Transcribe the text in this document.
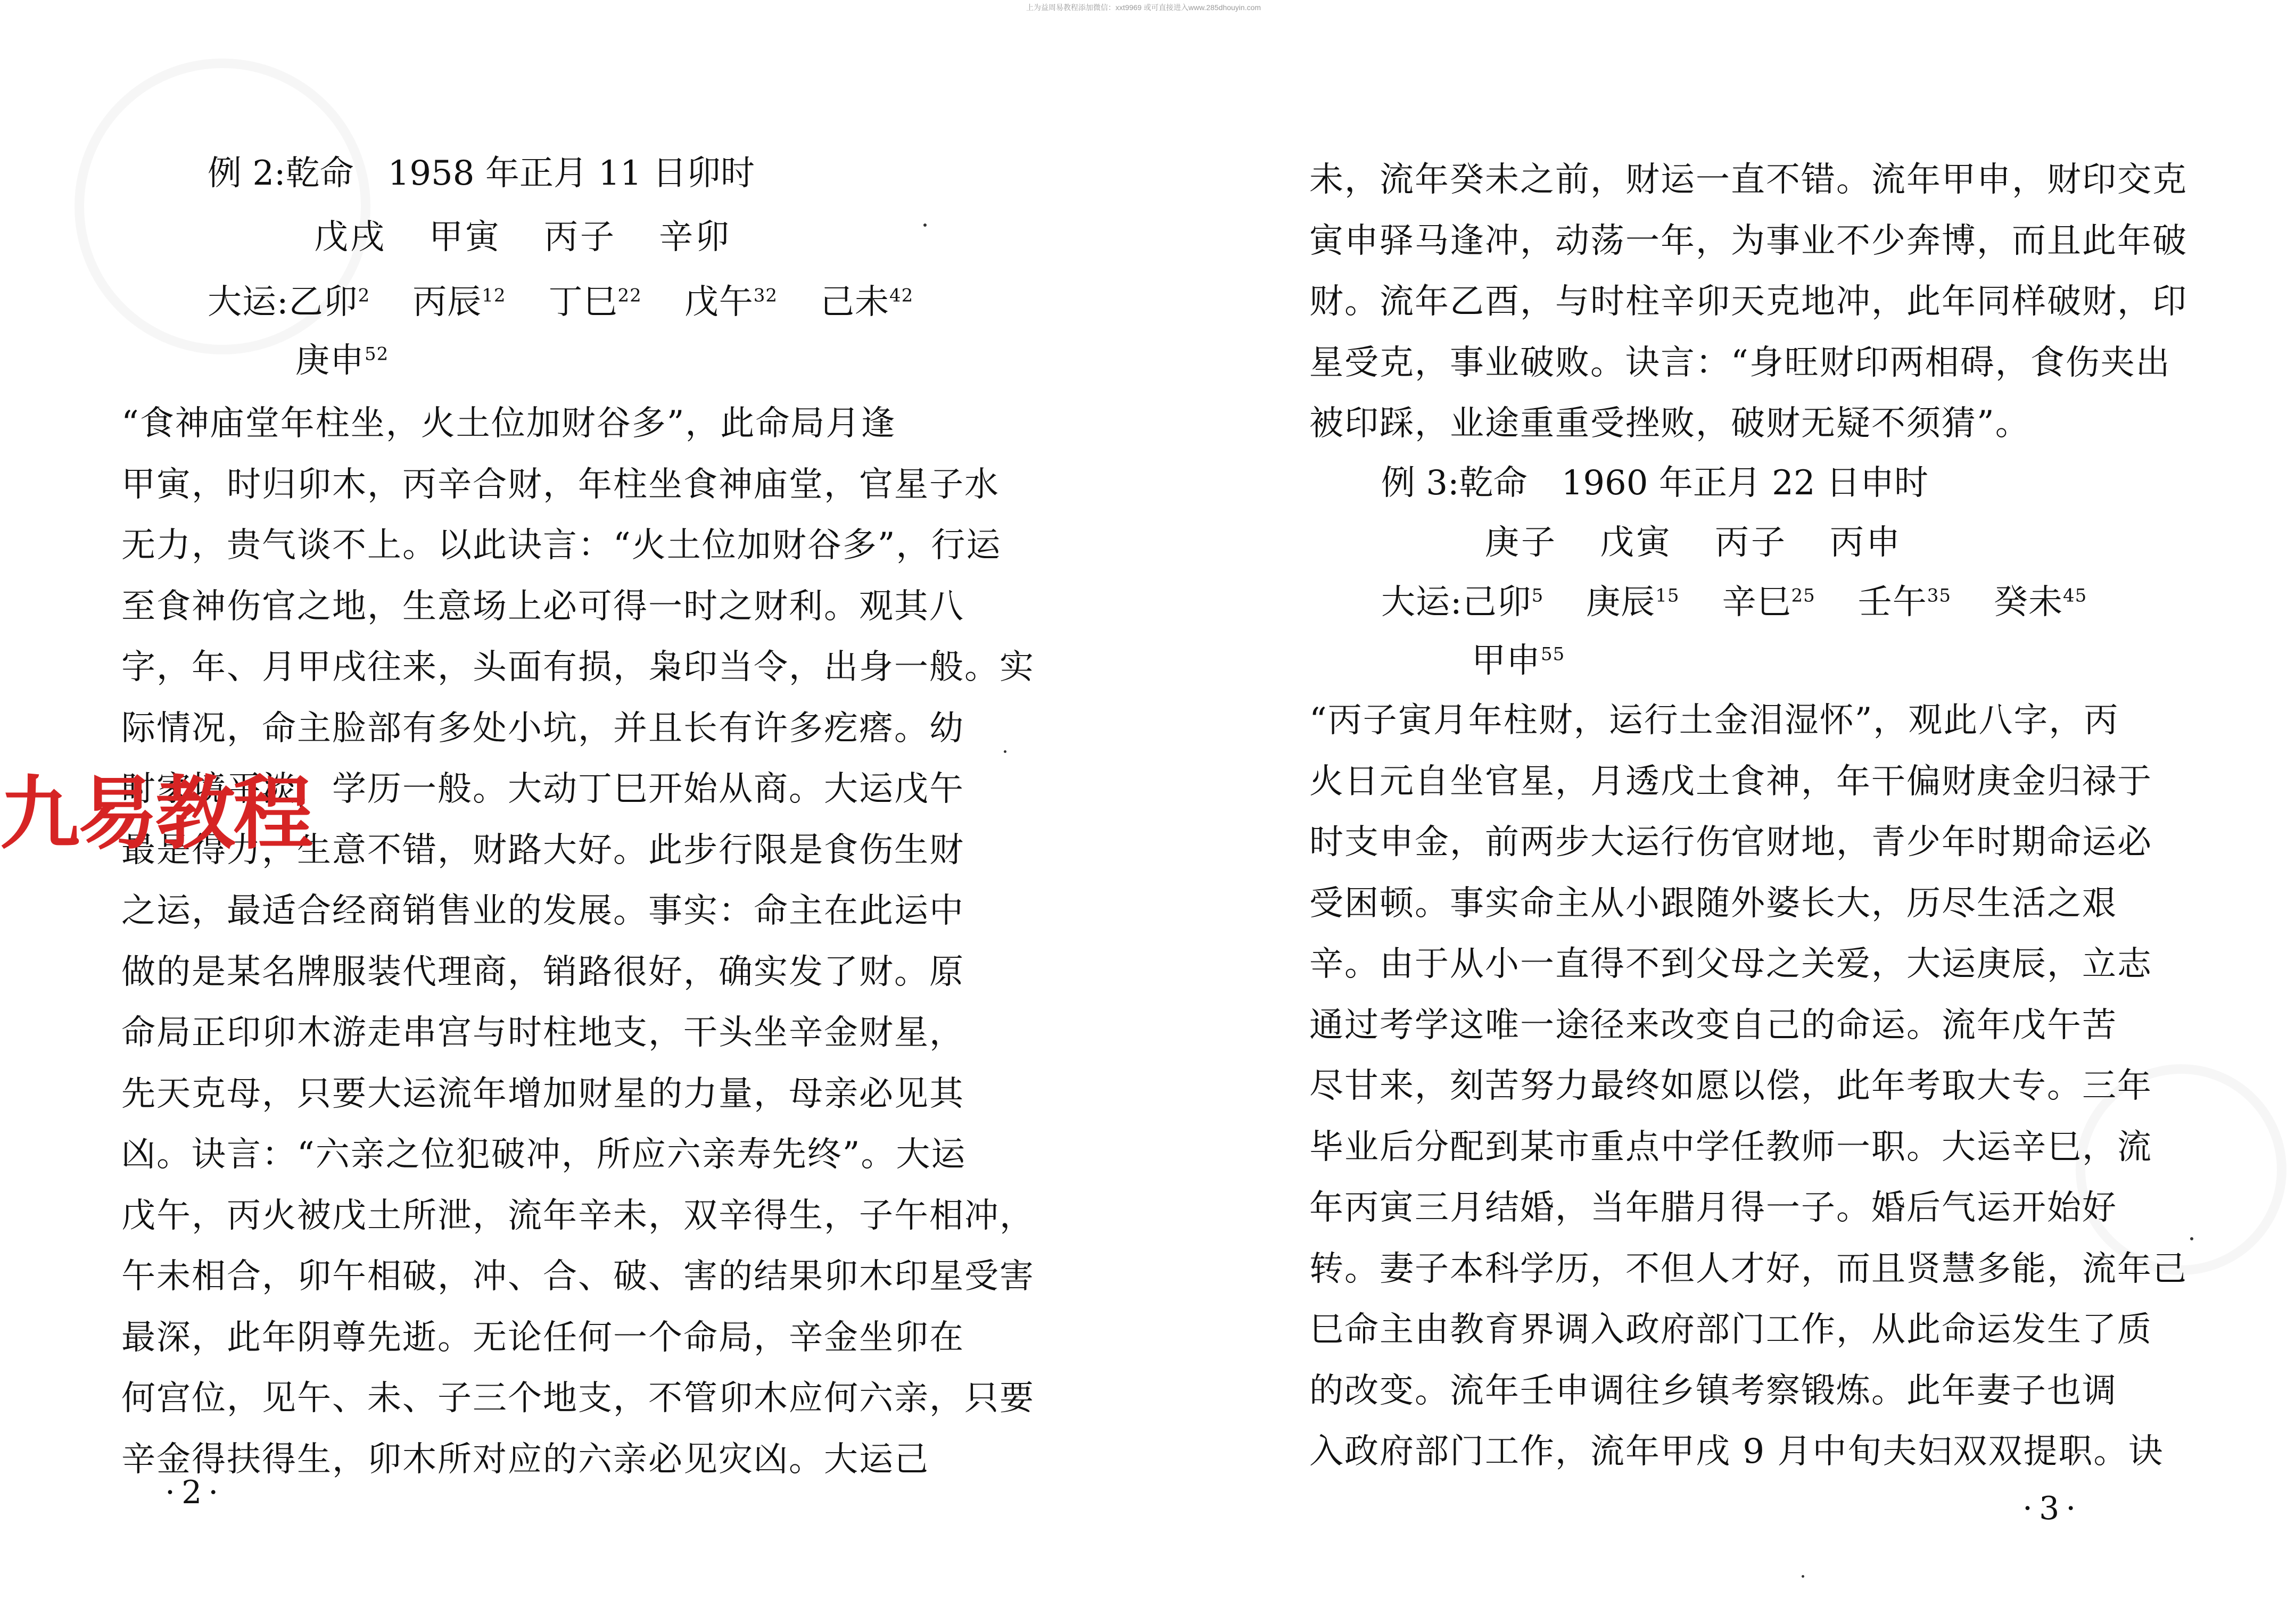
上为益周易教程添加微信：xxt9969 或可直接进入www.285dhouyin.com
例 2:乾命　1958 年正月 11 日卯时
戊戌 甲寅 丙子 辛卯
大运:乙卯$^2$ 丙辰$^{12}$ 丁巳$^{22}$ 戊午$^{32}$ 己未$^{42}$
庚申$^{52}$
“食神庙堂年柱坐，火土位加财谷多”，此命局月逢
甲寅，时归卯木，丙辛合财，年柱坐食神庙堂，官星子水
无力，贵气谈不上。以此诀言：“火土位加财谷多”，行运
至食神伤官之地，生意场上必可得一时之财利。观其八
字，年、月甲戌往来，头面有损，枭印当令，出身一般。实
际情况，命主脸部有多处小坑，并且长有许多疙瘩。幼
时家境平淡，学历一般。大动丁巳开始从商。大运戊午
最是得力，生意不错，财路大好。此步行限是食伤生财
之运，最适合经商销售业的发展。事实：命主在此运中
做的是某名牌服装代理商，销路很好，确实发了财。原
命局正印卯木游走串宫与时柱地支，干头坐辛金财星，
先天克母，只要大运流年增加财星的力量，母亲必见其
凶。诀言：“六亲之位犯破冲，所应六亲寿先终”。大运
戊午，丙火被戊土所泄，流年辛未，双辛得生，子午相冲，
午未相合，卯午相破，冲、合、破、害的结果卯木印星受害
最深，此年阴尊先逝。无论任何一个命局，辛金坐卯在
何宫位，见午、未、子三个地支，不管卯木应何六亲，只要
辛金得扶得生，卯木所对应的六亲必见灾凶。大运己
·2·
未，流年癸未之前，财运一直不错。流年甲申，财印交克
寅申驿马逢冲，动荡一年，为事业不少奔博，而且此年破
财。流年乙酉，与时柱辛卯天克地冲，此年同样破财，印
星受克，事业破败。诀言：“身旺财印两相碍，食伤夹出
被印踩，业途重重受挫败，破财无疑不须猜”。
例 3:乾命　1960 年正月 22 日申时
庚子 戊寅 丙子 丙申
大运:己卯$^5$ 庚辰$^{15}$ 辛巳$^{25}$ 壬午$^{35}$ 癸未$^{45}$
甲申$^{55}$
“丙子寅月年柱财，运行土金泪湿怀”，观此八字，丙
火日元自坐官星，月透戊土食神，年干偏财庚金归禄于
时支申金，前两步大运行伤官财地，青少年时期命运必
受困顿。事实命主从小跟随外婆长大，历尽生活之艰
辛。由于从小一直得不到父母之关爱，大运庚辰，立志
通过考学这唯一途径来改变自己的命运。流年戊午苦
尽甘来，刻苦努力最终如愿以偿，此年考取大专。三年
毕业后分配到某市重点中学任教师一职。大运辛巳，流
年丙寅三月结婚，当年腊月得一子。婚后气运开始好
转。妻子本科学历，不但人才好，而且贤慧多能，流年己
巳命主由教育界调入政府部门工作，从此命运发生了质
的改变。流年壬申调往乡镇考察锻炼。此年妻子也调
入政府部门工作，流年甲戌 9 月中旬夫妇双双提职。诀
·3·
九易教程
